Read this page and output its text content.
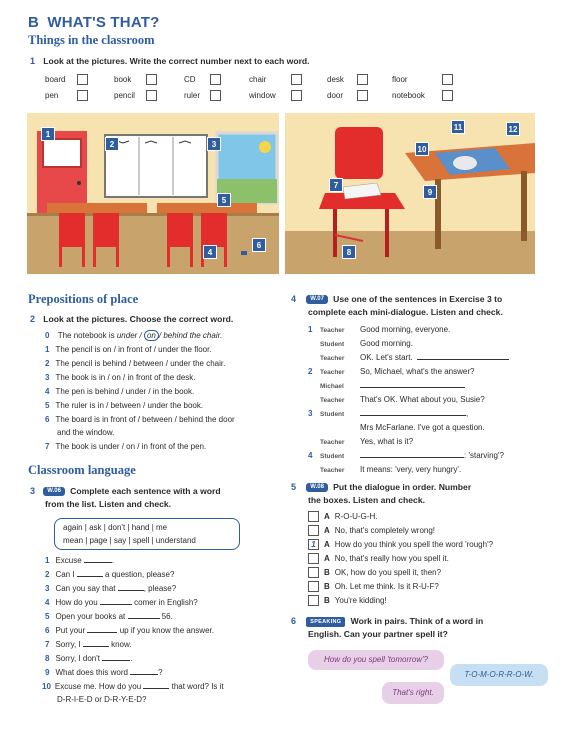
B WHAT'S THAT?
Things in the classroom
1 Look at the pictures. Write the correct number next to each word.
board	book	CD	chair	desk	floor
pen	pencil	ruler	window	door	notebook
1
2	3
5
4
6
11	12
10
7
9
8
Prepositions of place
2 Look at the pictures. Choose the correct word.
0 The notebook is under / on / behind the chair.
1 The pencil is on / in front of / under the floor.
2 The pencil is behind / between / under the chair.
3 The book is in / on / in front of the desk.
4 The pen is behind / under / in the book.
5 The ruler is in / between / under the book.
6 The board is in front of / between / behind the door
and the window.
7 The book is under / on / in front of the pen.
Classroom language
3 W.06 Complete each sentence with a word
from the list. Listen and check.
again | ask | don't | hand | me
mean | page | say | spell | understand
1 Excuse	.
2 Can I	a question, please?
3 Can you say that	, please?
4 How do you	comer in English?
5 Open your books at	56.
6 Put your	up if you know the answer.
7 Sorry, I	know.
8 Sorry, I don't	.
9 What does this word	?
10 Excuse me. How do you	that word? Is it
D-R-I-E-D or D-R-Y-E-D?
4 W.07 Use one of the sentences in Exercise 3 to
complete each mini-dialogue. Listen and check.
1 Teacher Good morning, everyone.
Student Good morning.
Teacher OK. Let's start.
2 Teacher So, Michael, what's the answer?
Michael
Teacher That's OK. What about you, Susie?
3 Student	,
Mrs McFarlane. I've got a question.
Teacher Yes, what is it?
4 Student	: 'starving'?
Teacher It means: 'very, very hungry'.
5 W.08 Put the dialogue in order. Number
the boxes. Listen and check.
A R-O-U-G-H.
A No, that's completely wrong!
1 A How do you think you spell the word 'rough'?
A No, that's really how you spell it.
B OK, how do you spell it, then?
B Oh. Let me think. Is it R-U-F?
B You're kidding!
6	SPEAKING Work in pairs. Think of a word in
English. Can your partner spell it?
How do you spell 'tomorrow'?
T-O-M-O-R-R-O-W.
That's right.
